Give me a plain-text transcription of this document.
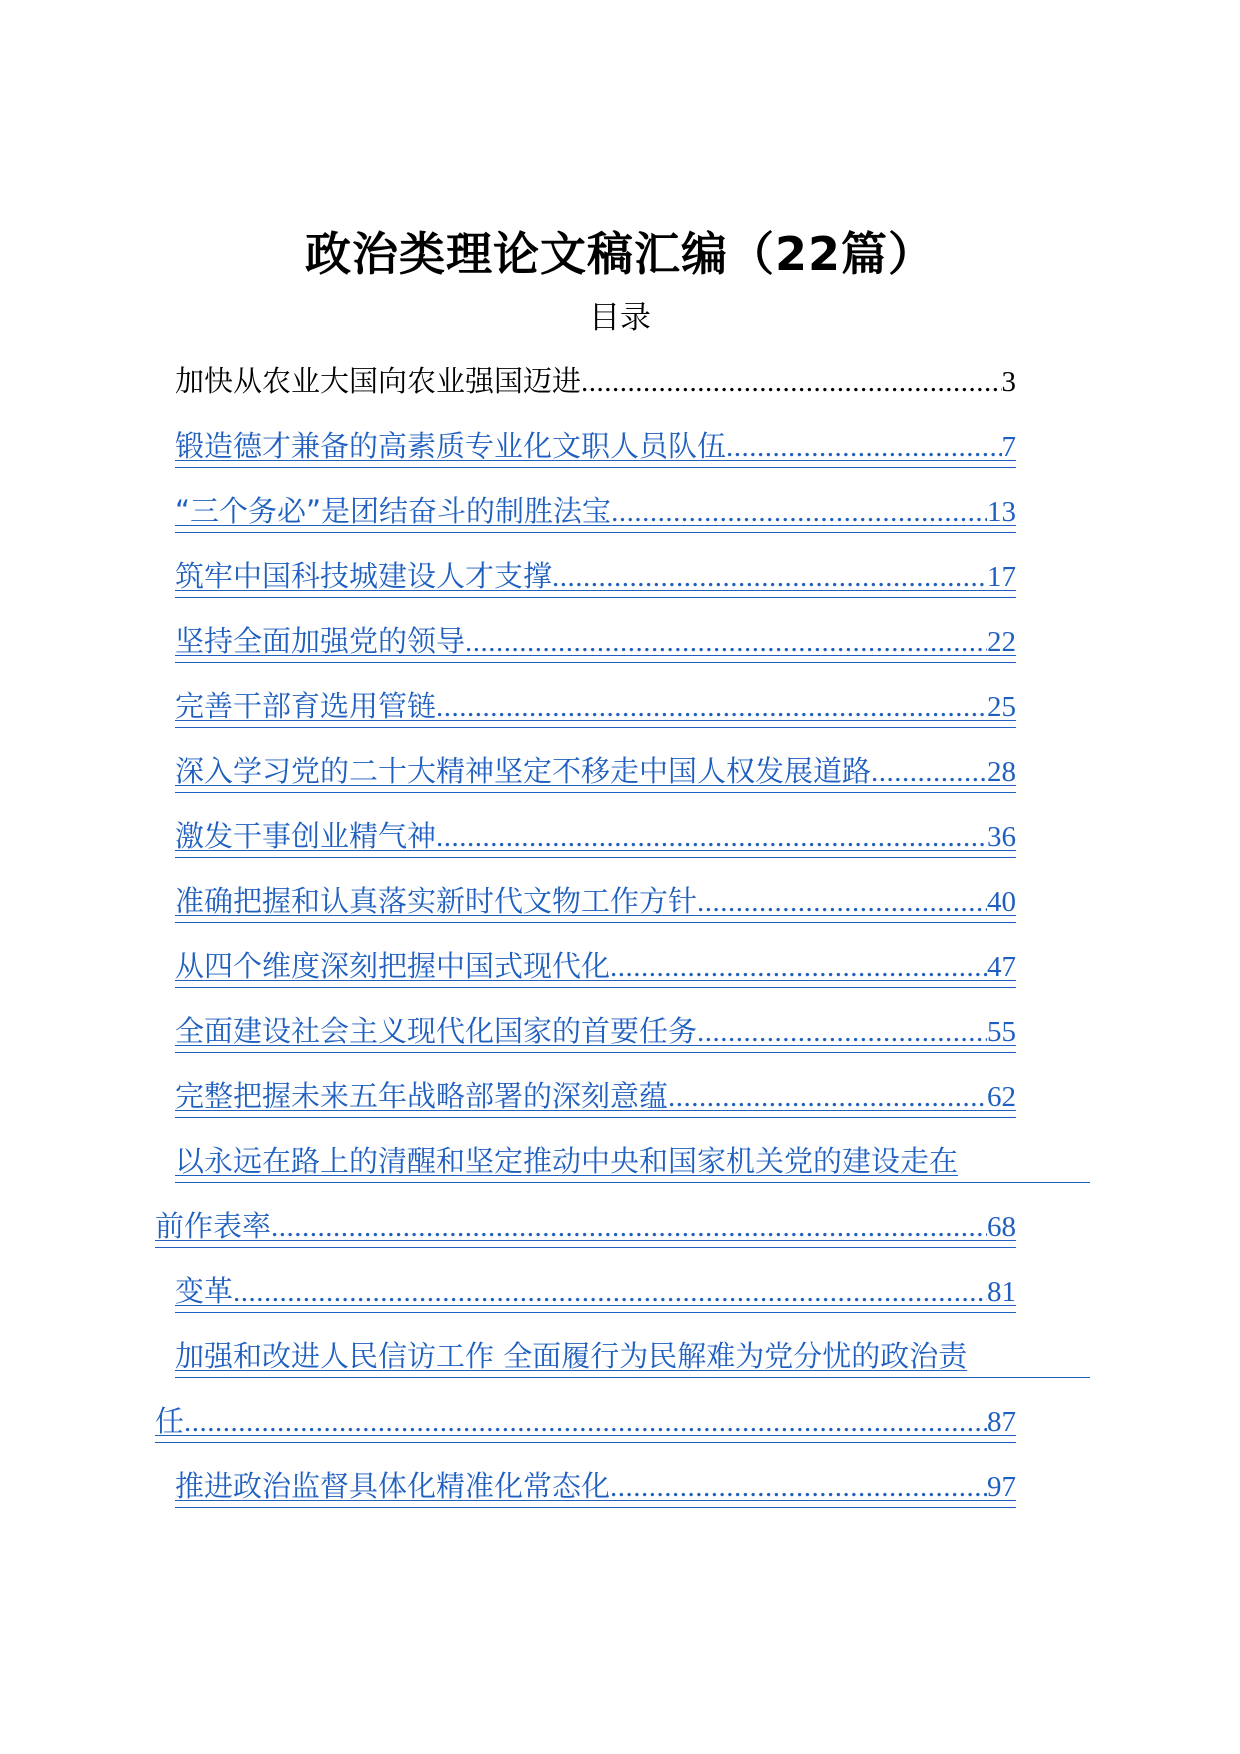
政治类理论文稿汇编（22篇）
目录
加快从农业大国向农业强国迈进 .....	3
锻造德才兼备的高素质专业化文职人员队伍 .....	7
“三个务必”是团结奋斗的制胜法宝 .....	13
筑牢中国科技城建设人才支撑 .....	17
坚持全面加强党的领导 .....	22
完善干部育选用管链 .....	25
深入学习党的二十大精神坚定不移走中国人权发展道路 .....	28
激发干事创业精气神 .....	36
准确把握和认真落实新时代文物工作方针 .....	40
从四个维度深刻把握中国式现代化 .....	47
全面建设社会主义现代化国家的首要任务 .....	55
完整把握未来五年战略部署的深刻意蕴 .....	62
以永远在路上的清醒和坚定推动中央和国家机关党的建设走在
前作表率 .....	68
变革 .....	81
加强和改进人民信访工作 全面履行为民解难为党分忧的政治责
任 .....	87
推进政治监督具体化精准化常态化 .....	97
